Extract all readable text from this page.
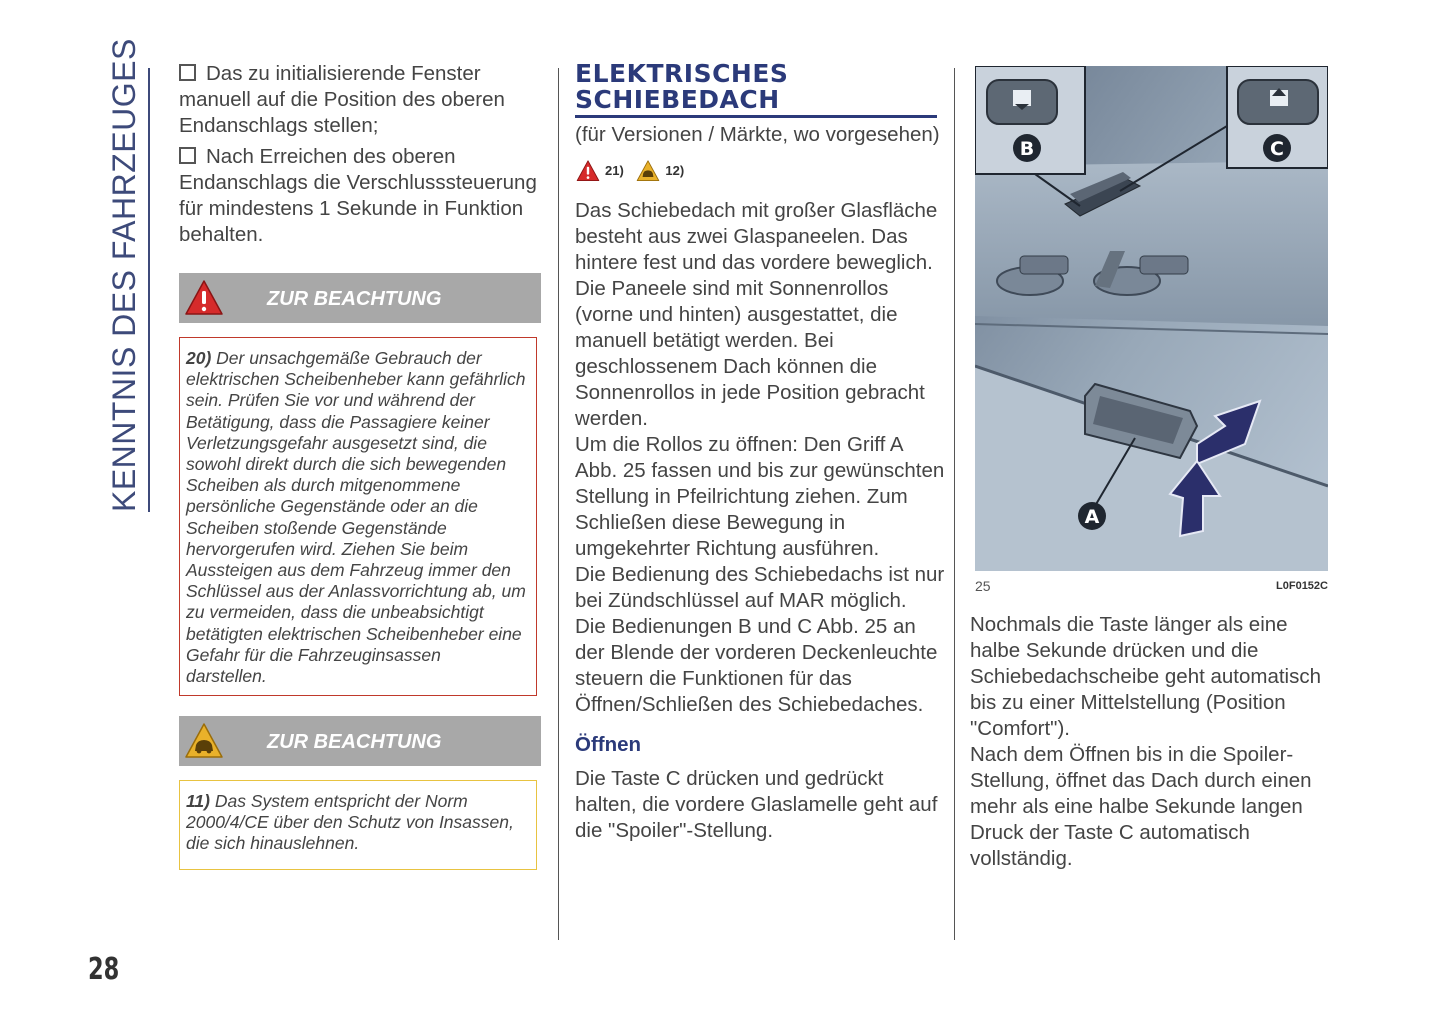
KENNTNIS DES FAHRZEUGES	Das zu initialisierende Fenster manuell auf die Position des oberen Endanschlags stellen;

Nach Erreichen des oberen Endanschlags die Verschlusssteuerung für mindestens 1 Sekunde in Funktion behalten.

ZUR BEACHTUNG
20) Der unsachgemäße Gebrauch der elektrischen Scheibenheber kann gefährlich sein. Prüfen Sie vor und während der Betätigung, dass die Passagiere keiner Verletzungsgefahr ausgesetzt sind, die sowohl direkt durch die sich bewegenden Scheiben als durch mitgenommene persönliche Gegenstände oder an die Scheiben stoßende Gegenstände hervorgerufen wird. Ziehen Sie beim Aussteigen aus dem Fahrzeug immer den Schlüssel aus der Anlassvorrichtung ab, um zu vermeiden, dass die unbeabsichtigt betätigten elektrischen Scheibenheber eine Gefahr für die Fahrzeuginsassen darstellen.
ZUR BEACHTUNG
11) Das System entspricht der Norm 2000/4/CE über den Schutz von Insassen, die sich hinauslehnen.
ELEKTRISCHES
SCHIEBEDACH

(für Versionen / Märkte, wo vorgesehen)

21)
	12)

Das Schiebedach mit großer Glasfläche besteht aus zwei Glaspaneelen. Das hintere fest und das vordere beweglich. Die Paneele sind mit Sonnenrollos (vorne und hinten) ausgestattet, die manuell betätigt werden. Bei geschlossenem Dach können die Sonnenrollos in jede Position gebracht werden.

Um die Rollos zu öffnen: Den Griff A Abb. 25 fassen und bis zur gewünschten Stellung in Pfeilrichtung ziehen. Zum Schließen diese Bewegung in umgekehrter Richtung ausführen.

Die Bedienung des Schiebedachs ist nur bei Zündschlüssel auf MAR möglich.

Die Bedienungen B und C Abb. 25 an der Blende der vorderen Deckenleuchte steuern die Funktionen für das Öffnen/Schließen des Schiebedaches.

Öffnen

Die Taste C drücken und gedrückt halten, die vordere Glaslamelle geht auf die "Spoiler"-Stellung.

B	C
A
25	L0F0152C

Nochmals die Taste länger als eine halbe Sekunde drücken und die Schiebedachscheibe geht automatisch bis zu einer Mittelstellung (Position "Comfort").

Nach dem Öffnen bis in die Spoiler-Stellung, öffnet das Dach durch einen mehr als eine halbe Sekunde langen Druck der Taste C automatisch vollständig.

28
